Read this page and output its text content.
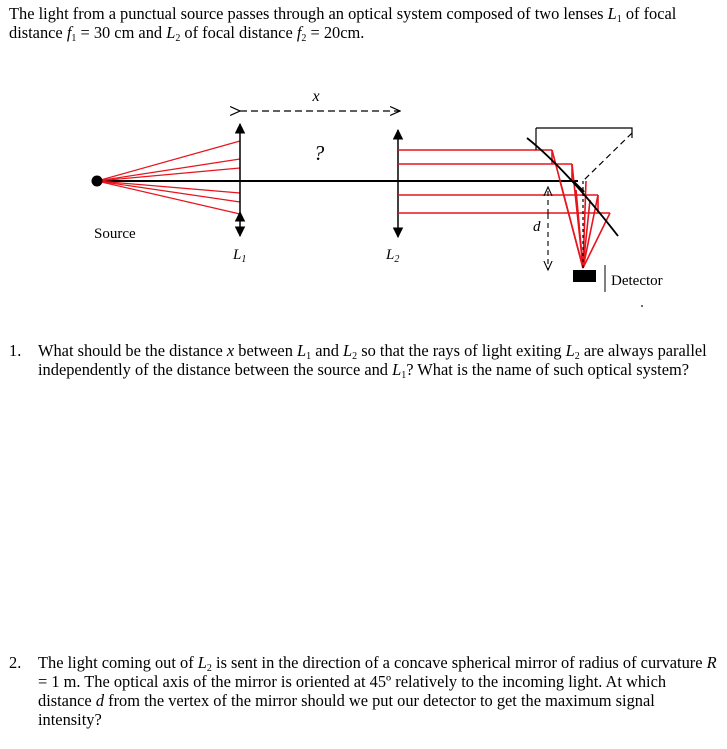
The light from a punctual source passes through an optical system composed of two lenses $L_1$ of focal distance $f_1 = 30$ cm and $L_2$ of focal distance $f_2 = 20cm$.
x
?
Source
$L_1$	$L_2$
d
Detector
1. What should be the distance x between $L_1$ and $L_2$ so that the rays of light exiting $L_2$ are always parallel independently of the distance between the source and $L_1$? What is the name of such optical system?
2. The light coming out of $L_2$ is sent in the direction of a concave spherical mirror of radius of curvature R = 1 m. The optical axis of the mirror is oriented at 45º relatively to the incoming light. At which distance d from the vertex of the mirror should we put our detector to get the maximum signal intensity?
